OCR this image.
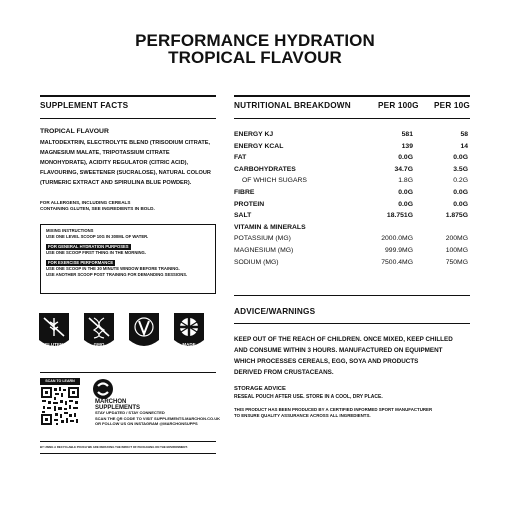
PERFORMANCE HYDRATION
TROPICAL FLAVOUR
SUPPLEMENT FACTS
TROPICAL FLAVOUR
MALTODEXTRIN, ELECTROLYTE BLEND (TRISODIUM CITRATE,
MAGNESIUM MALATE, TRIPOTASSIUM CITRATE
MONOHYDRATE), ACIDITY REGULATOR (CITRIC ACID),
FLAVOURING, SWEETENER (SUCRALOSE), NATURAL COLOUR
(TURMERIC EXTRACT AND SPIRULINA BLUE POWDER).
FOR ALLERGENS, INCLUDING CEREALS
CONTAINING GLUTEN, SEE INGREDIENTS IN BOLD.
MIXING INSTRUCTIONS
USE ONE LEVEL SCOOP 10G IN 300ML OF WATER.
FOR GENERAL HYDRATION PURPOSES
USE ONE SCOOP FIRST THING IN THE MORNING.
FOR EXERCISE PERFORMANCE
USE ONE SCOOP IN THE 30 MINUTE WINDOW BEFORE TRAINING.
USE ANOTHER SCOOP POST TRAINING FOR DEMANDING SESSIONS.
GLUTEN
FREE
GMO
FREE
MADE
IN UK
SCAN TO LEARN
MARCHON
SUPPLEMENTS
STAY UPDATED / STAY CONNECTED
SCAN THE QR CODE TO VISIT SUPPLEMENTS.MARCHON.CO.UK
OR FOLLOW US ON INSTAGRAM @MARCHONSUPPS
BY USING A RECYCLABLE POUCH WE ARE REDUCING THE IMPACT OF PACKAGING ON THE ENVIRONMENT.
NUTRITIONAL BREAKDOWN	PER 100G PER 10G
ENERGY KJ	581	58
ENERGY KCAL	139	14
FAT	0.0G	0.0G
CARBOHYDRATES	34.7G	3.5G
OF WHICH SUGARS	1.8G	0.2G
FIBRE	0.0G	0.0G
PROTEIN	0.0G	0.0G
SALT	18.751G	1.875G
VITAMIN & MINERALS
POTASSIUM (MG)	2000.0MG	200MG
MAGNESIUM (MG)	999.9MG	100MG
SODIUM (MG)	7500.4MG	750MG
ADVICE/WARNINGS
KEEP OUT OF THE REACH OF CHILDREN. ONCE MIXED, KEEP CHILLED
AND CONSUME WITHIN 3 HOURS. MANUFACTURED ON EQUIPMENT
WHICH PROCESSES CEREALS, EGG, SOYA AND PRODUCTS
DERIVED FROM CRUSTACEANS.
STORAGE ADVICE
RESEAL POUCH AFTER USE. STORE IN A COOL, DRY PLACE.
THIS PRODUCT HAS BEEN PRODUCED BY A CERTIFIED INFORMED SPORT MANUFACTURER
TO ENSURE QUALITY ASSURANCE ACROSS ALL INGREDIENTS.
